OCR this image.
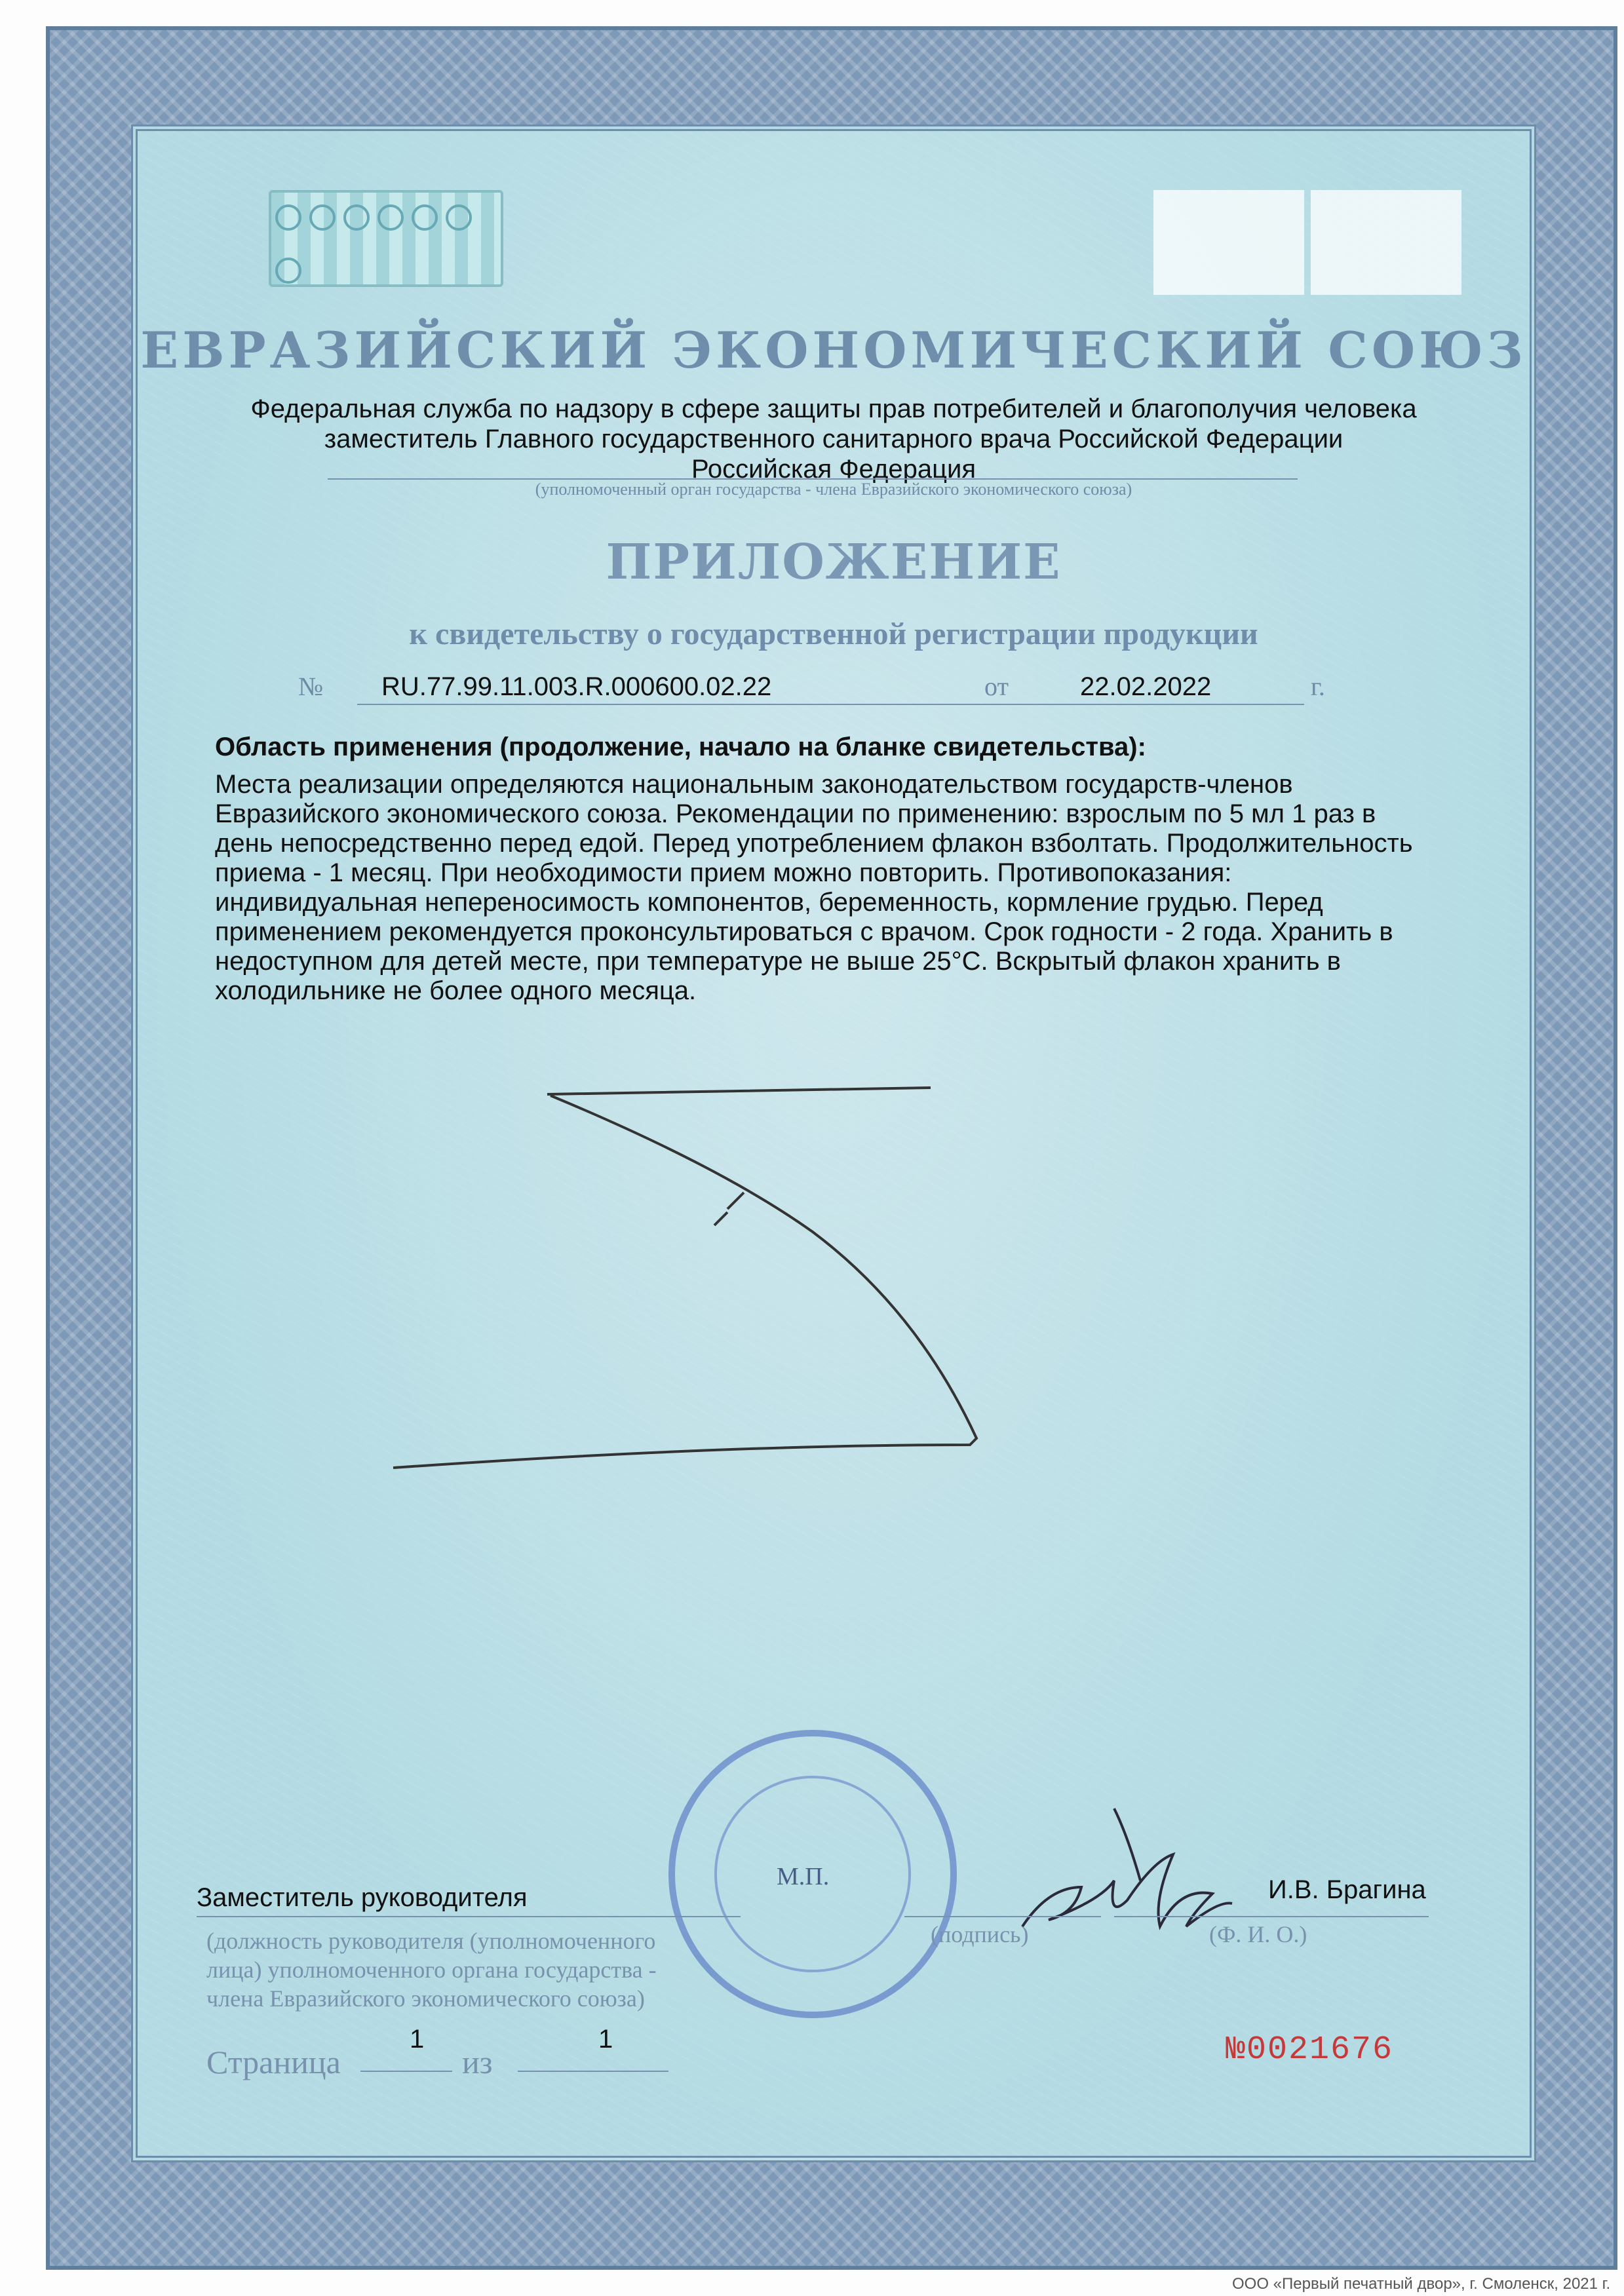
ЕВРАЗИЙСКИЙ ЭКОНОМИЧЕСКИЙ СОЮЗ
Федеральная служба по надзору в сфере защиты прав потребителей и благополучия человека
заместитель Главного государственного санитарного врача Российской Федерации
Российская Федерация
(уполномоченный орган государства - члена Евразийского экономического союза)
ПРИЛОЖЕНИЕ
к свидетельству о государственной регистрации продукции
№ RU.77.99.11.003.R.000600.02.22	от	22.02.2022	г.
Область применения (продолжение, начало на бланке свидетельства):
Места реализации определяются национальным законодательством государств-членов
Евразийского экономического союза. Рекомендации по применению: взрослым по 5 мл 1 раз в
день непосредственно перед едой. Перед употреблением флакон взболтать. Продолжительность
приема - 1 месяц. При необходимости прием можно повторить. Противопоказания:
индивидуальная непереносимость компонентов, беременность, кормление грудью. Перед
применением рекомендуется проконсультироваться с врачом. Срок годности - 2 года. Хранить в
недоступном для детей месте, при температуре не выше 25°С. Вскрытый флакон хранить в
холодильнике не более одного месяца.
М.П.
Заместитель руководителя
(должность руководителя (уполномоченного
лица) уполномоченного органа государства -
члена Евразийского экономического союза)
(подпись)
И.В. Брагина
(Ф. И. О.)
Страница
1
из
1	№0021676
ООО «Первый печатный двор», г. Смоленск, 2021 г.
